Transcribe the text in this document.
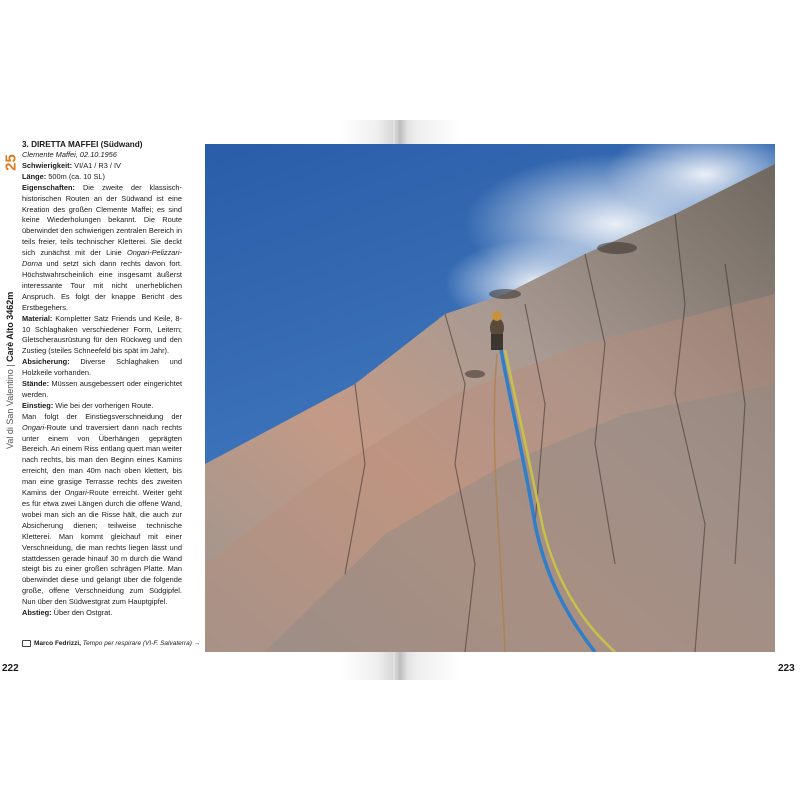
25
Val di San Valentino | Carè Alto 3462m

3. DIRETTA MAFFEI (Südwand)

Clemente Maffei, 02.10.1956

Schwierigkeit: VI/A1 / R3 / IV

Länge: 500m (ca. 10 SL)

Eigenschaften: Die zweite der klassisch-historischen Routen an der Südwand ist eine Kreation des großen Clemente Maffei; es sind keine Wiederholungen bekannt. Die Route überwindet den schwierigen zentralen Bereich in teils freier, teils technischer Kletterei. Sie deckt sich zunächst mit der Linie Ongari-Pelizzari-Dorna und setzt sich dann rechts davon fort. Höchstwahrscheinlich eine insgesamt äußerst interessante Tour mit nicht unerheblichen Anspruch. Es folgt der knappe Bericht des Erstbegehers.

Material: Kompletter Satz Friends und Keile, 8-10 Schlaghaken verschiedener Form, Leitern; Gletscherausrüstung für den Rückweg und den Zustieg (steiles Schneefeld bis spät im Jahr).

Absicherung: Diverse Schlaghaken und Holzkeile vorhanden.

Stände: Müssen ausgebessert oder eingerichtet werden.

Einstieg: Wie bei der vorherigen Route.

Man folgt der Einstiegsverschneidung der Ongari-Route und traversiert dann nach rechts unter einem von Überhängen geprägten Bereich. An einem Riss entlang quert man weiter nach rechts, bis man den Beginn eines Kamins erreicht, den man 40m nach oben klettert, bis man eine grasige Terrasse rechts des zweiten Kamins der Ongari-Route erreicht. Weiter geht es für etwa zwei Längen durch die offene Wand, wobei man sich an die Risse hält, die auch zur Absicherung dienen; teilweise technische Kletterei. Man kommt gleichauf mit einer Verschneidung, die man rechts liegen lässt und stattdessen gerade hinauf 30 m durch die Wand steigt bis zu einer großen schrägen Platte. Man überwindet diese und gelangt über die folgende große, offene Verschneidung zum Südgipfel. Nun über den Südwestgrat zum Hauptgipfel.

Abstieg: Über den Ostgrat.

Marco Fedrizzi, Tempo per respirare (VI-F. Salvaterra) →
222	223
